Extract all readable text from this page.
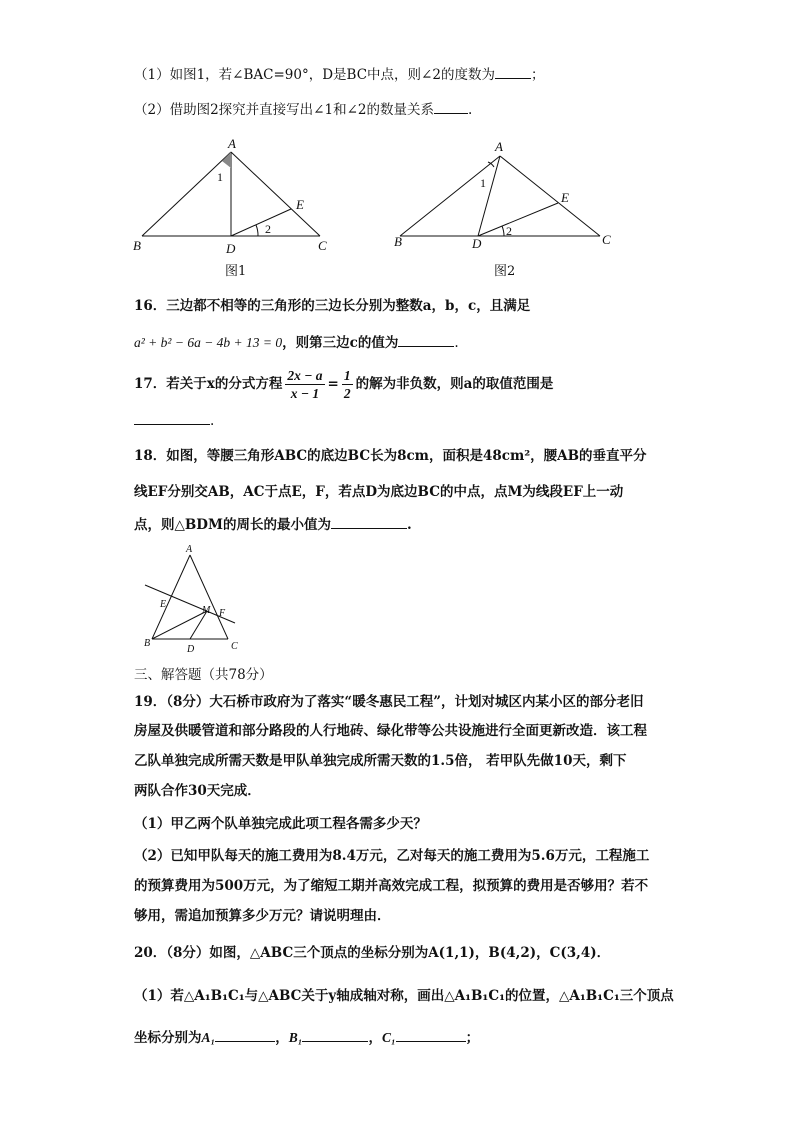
（1）如图1，若∠BAC=90°，D是BC中点，则∠2的度数为	；
（2）借助图2探究并直接写出∠1和∠2的数量关系	.
A
B	D	C
E
1
2
图1
A
B	D	C
E
1
2
图2
16．三边都不相等的三角形的三边长分别为整数a，b，c，且满足
a² + b² − 6a − 4b + 13 = 0，则第三边c的值为	.
17．若关于x的分式方程 $\frac{2x - a}{x - 1} = \frac{1}{2}$ 的解为非负数，则a的取值范围是
.
18．如图，等腰三角形ABC的底边BC长为8cm，面积是48cm²，腰AB的垂直平分
线EF分别交AB，AC于点E，F，若点D为底边BC的中点，点M为线段EF上一动
点，则△BDM的周长的最小值为	.
A
B
D	C
E
M F
三、解答题（共78分）
19．（8分）大石桥市政府为了落实“暖冬惠民工程”，计划对城区内某小区的部分老旧
房屋及供暖管道和部分路段的人行地砖、绿化带等公共设施进行全面更新改造．该工程
乙队单独完成所需天数是甲队单独完成所需天数的1.5倍， 若甲队先做10天，剩下
两队合作30天完成．
（1）甲乙两个队单独完成此项工程各需多少天？
（2）已知甲队每天的施工费用为8.4万元，乙对每天的施工费用为5.6万元，工程施工
的预算费用为500万元，为了缩短工期并高效完成工程，拟预算的费用是否够用？若不
够用，需追加预算多少万元？请说明理由．
20．（8分）如图，△ABC三个顶点的坐标分别为A(1,1)，B(4,2)，C(3,4)．
（1）若△A₁B₁C₁与△ABC关于y轴成轴对称，画出△A₁B₁C₁的位置，△A₁B₁C₁三个顶点
坐标分别为A₁	，B₁	，C₁	；
